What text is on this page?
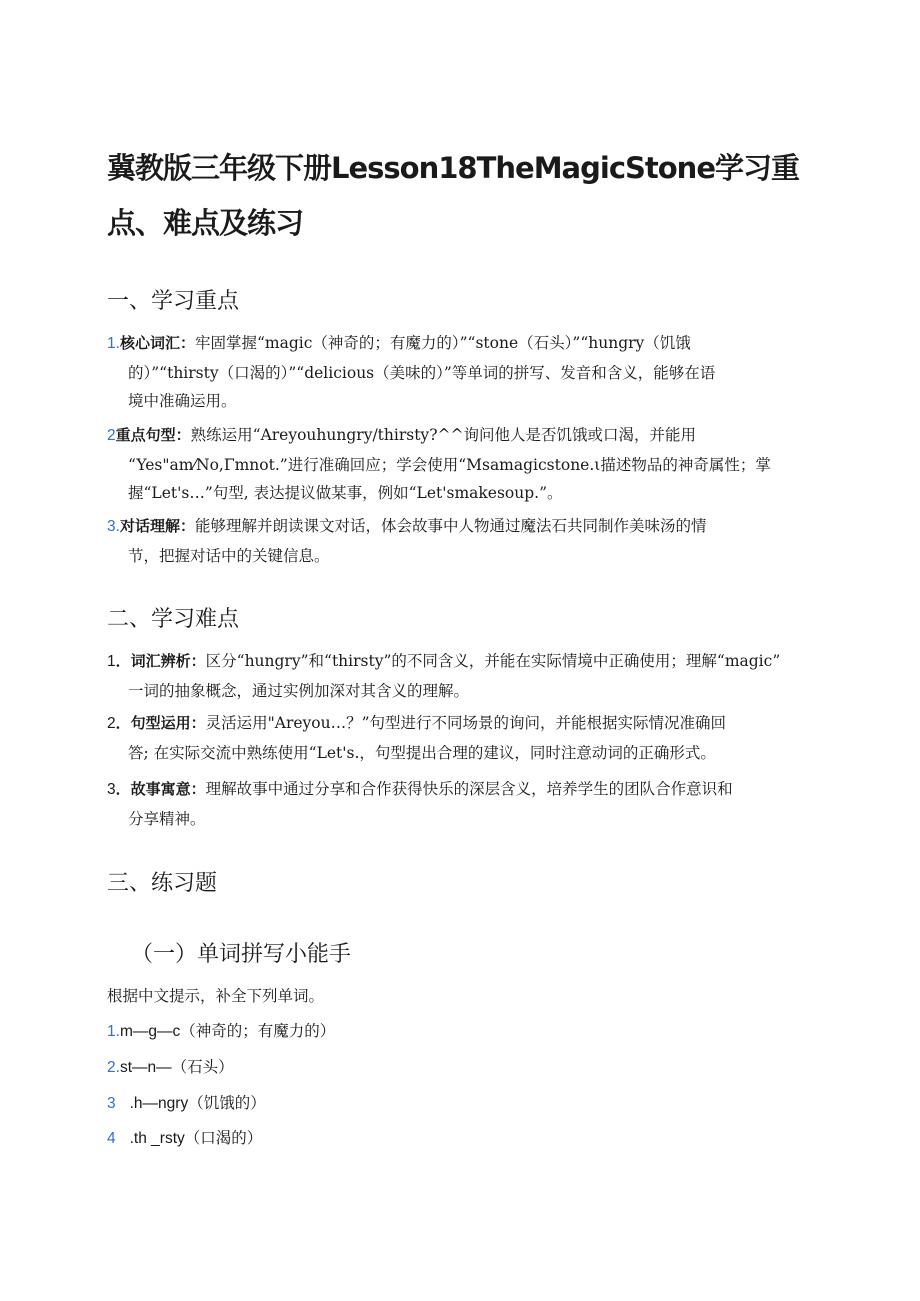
冀教版三年级下册Lesson18TheMagicStone学习重
点、难点及练习
一、学习重点
1.核心词汇：牢固掌握“magic（神奇的；有魔力的）”“stone（石头）”“hungry（饥饿
的）”“thirsty（口渴的）”“delicious（美味的）”等单词的拼写、发音和含义，能够在语
境中准确运用。
2重点句型：熟练运用“Areyouhungry/thirsty?^^询问他人是否饥饿或口渴，并能用
“Yes"am⁄No,Γmnot.”进行准确回应；学会使用“Msamagicstone.ι描述物品的神奇属性；掌
握“Let's…”句型, 表达提议做某事，例如“Let'smakesoup.”。
3.对话理解：能够理解并朗读课文对话，体会故事中人物通过魔法石共同制作美味汤的情
节，把握对话中的关键信息。
二、学习难点
1．词汇辨析：区分“hungry”和“thirsty”的不同含义，并能在实际情境中正确使用；理解“magic”
一词的抽象概念，通过实例加深对其含义的理解。
2．句型运用：灵活运用"Areyou…？”句型进行不同场景的询问，并能根据实际情况准确回
答; 在实际交流中熟练使用“Let's.，句型提出合理的建议，同时注意动词的正确形式。
3．故事寓意：理解故事中通过分享和合作获得快乐的深层含义，培养学生的团队合作意识和
分享精神。
三、练习题
（一）单词拼写小能手
根据中文提示，补全下列单词。
1.m—g—c（神奇的；有魔力的）
2.st—n—（石头）
3 .h—ngry（饥饿的）
4 .th _rsty（口渴的）
